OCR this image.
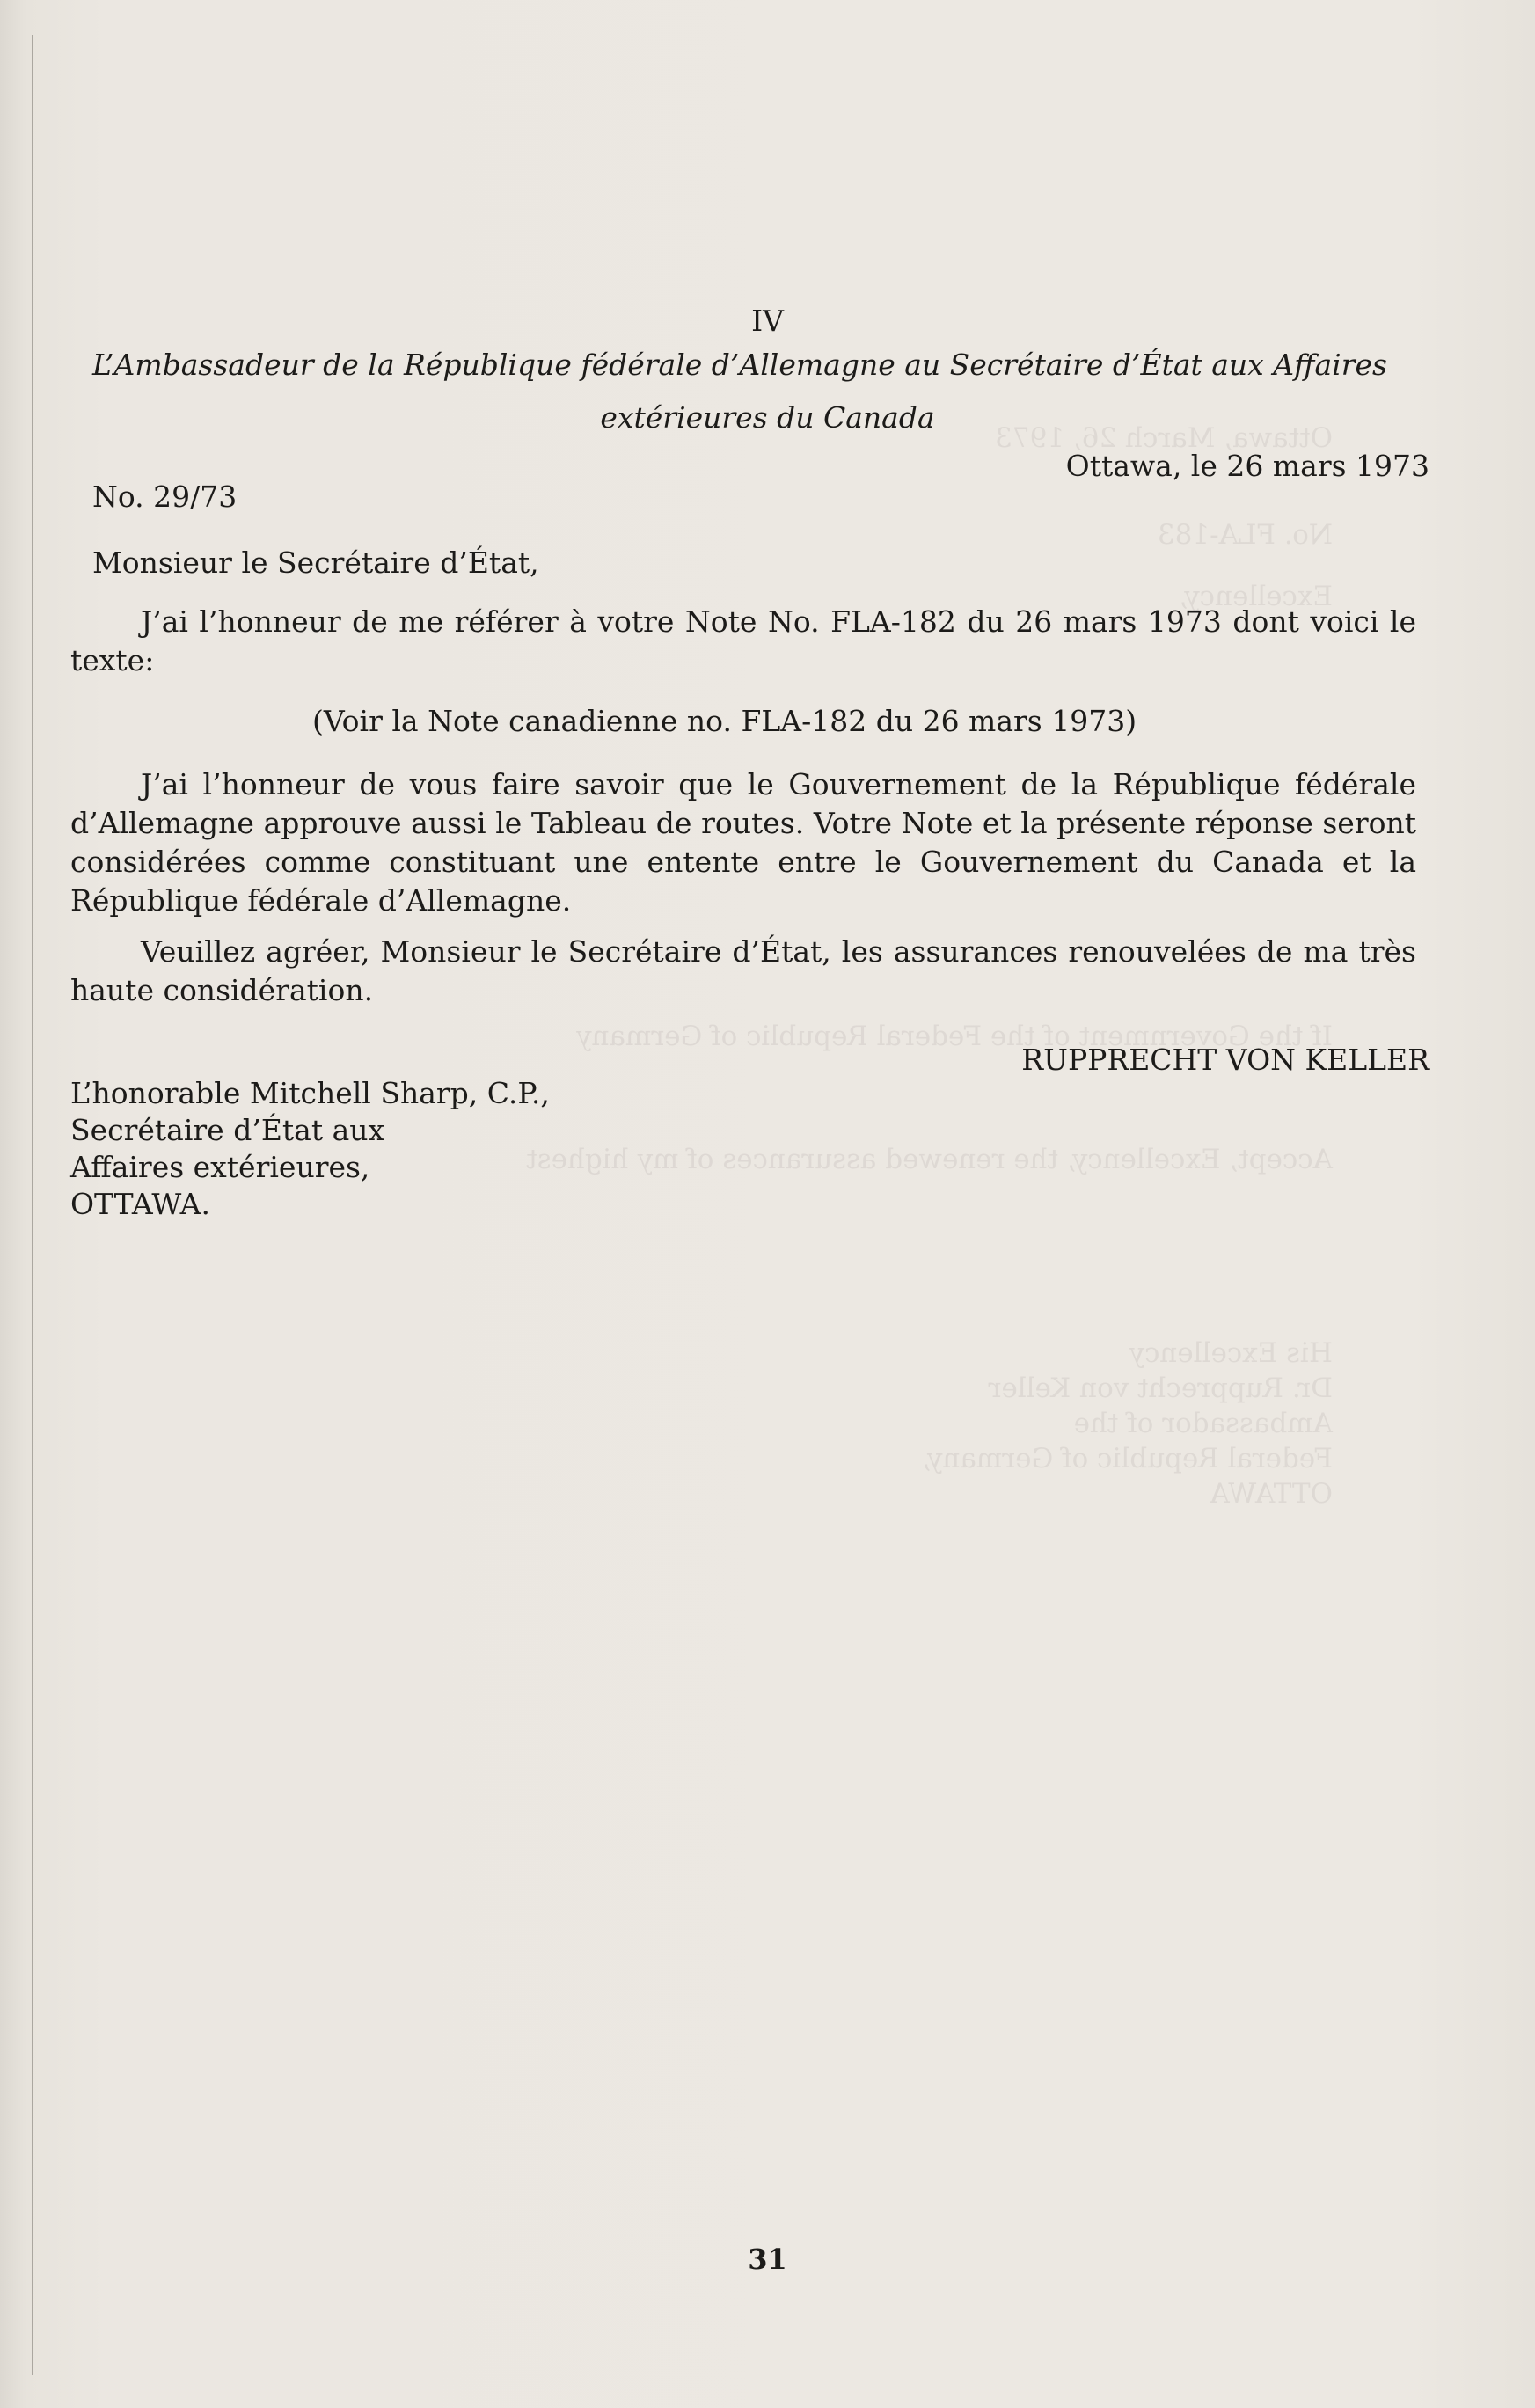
Ottawa, March 26, 1973
No. FLA-183
Excellency,
If the Government of the Federal Republic of Germany
Accept, Excellency, the renewed assurances of my highest
His Excellency
Dr. Rupprecht von Keller
Ambassador of the
Federal Republic of Germany,
OTTAWA
IV
L’Ambassadeur de la République fédérale d’Allemagne au Secrétaire d’État aux Affaires
extérieures du Canada
Ottawa, le 26 mars 1973
No. 29/73
Monsieur le Secrétaire d’État,

J’ai l’honneur de me référer à votre Note No. FLA-182 du 26 mars 1973 dont voici le texte:

(Voir la Note canadienne no. FLA-182 du 26 mars 1973)

J’ai l’honneur de vous faire savoir que le Gouvernement de la République fédérale d’Allemagne approuve aussi le Tableau de routes. Votre Note et la présente réponse seront considérées comme constituant une entente entre le Gouvernement du Canada et la République fédérale d’Allemagne.

Veuillez agréer, Monsieur le Secrétaire d’État, les assurances renouvelées de ma très haute considération.

RUPPRECHT VON KELLER
L’honorable Mitchell Sharp, C.P.,
Secrétaire d’État aux
Affaires extérieures,
OTTAWA.
31
